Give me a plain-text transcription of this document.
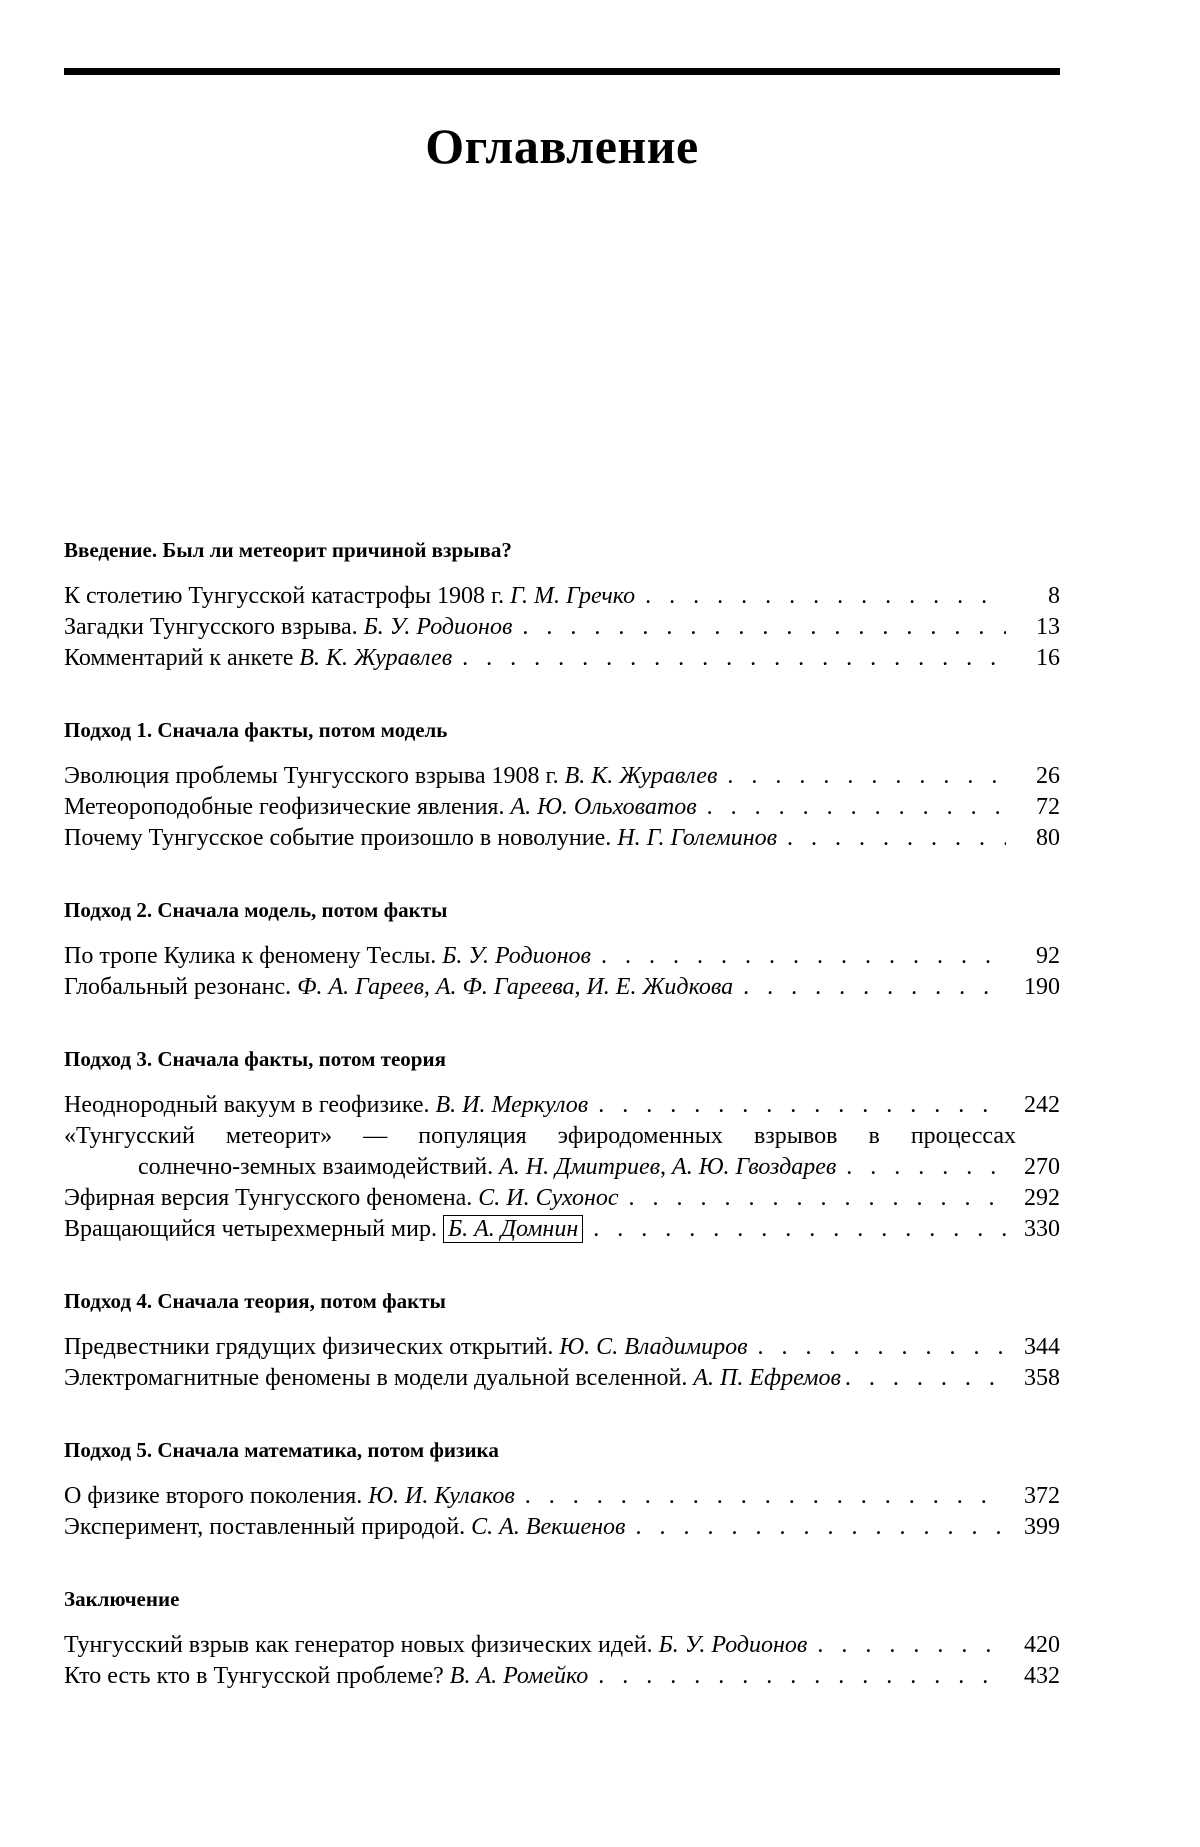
Оглавление
Введение. Был ли метеорит причиной взрыва?
К столетию Тунгусской катастрофы 1908 г. Г. М. Гречко . . .	8
Загадки Тунгусского взрыва. Б. У. Родионов . . .	13
Комментарий к анкете В. К. Журавлев . . .	16
Подход 1. Сначала факты, потом модель
Эволюция проблемы Тунгусского взрыва 1908 г. В. К. Журавлев . . .	26
Метеороподобные геофизические явления. А. Ю. Ольховатов . . .	72
Почему Тунгусское событие произошло в новолуние. Н. Г. Големинов . . .	80
Подход 2. Сначала модель, потом факты
По тропе Кулика к феномену Теслы. Б. У. Родионов . . .	92
Глобальный резонанс. Ф. А. Гареев, А. Ф. Гареева, И. Е. Жидкова . . .	190
Подход 3. Сначала факты, потом теория
Неоднородный вакуум в геофизике. В. И. Меркулов . . .	242
«Тунгусский метеорит» — популяция эфиродоменных взрывов в процессах
солнечно-земных взаимодействий. А. Н. Дмитриев, А. Ю. Гвоздарев . . .	270
Эфирная версия Тунгусского феномена. С. И. Сухонос . . .	292
Вращающийся четырехмерный мир. Б. А. Домнин . . .	330
Подход 4. Сначала теория, потом факты
Предвестники грядущих физических открытий. Ю. С. Владимиров . . .	344
Электромагнитные феномены в модели дуальной вселенной. А. П. Ефремов . . .	358
Подход 5. Сначала математика, потом физика
О физике второго поколения. Ю. И. Кулаков . . .	372
Эксперимент, поставленный природой. С. А. Векшенов . . .	399
Заключение
Тунгусский взрыв как генератор новых физических идей. Б. У. Родионов . . .	420
Кто есть кто в Тунгусской проблеме? В. А. Ромейко . . .	432
